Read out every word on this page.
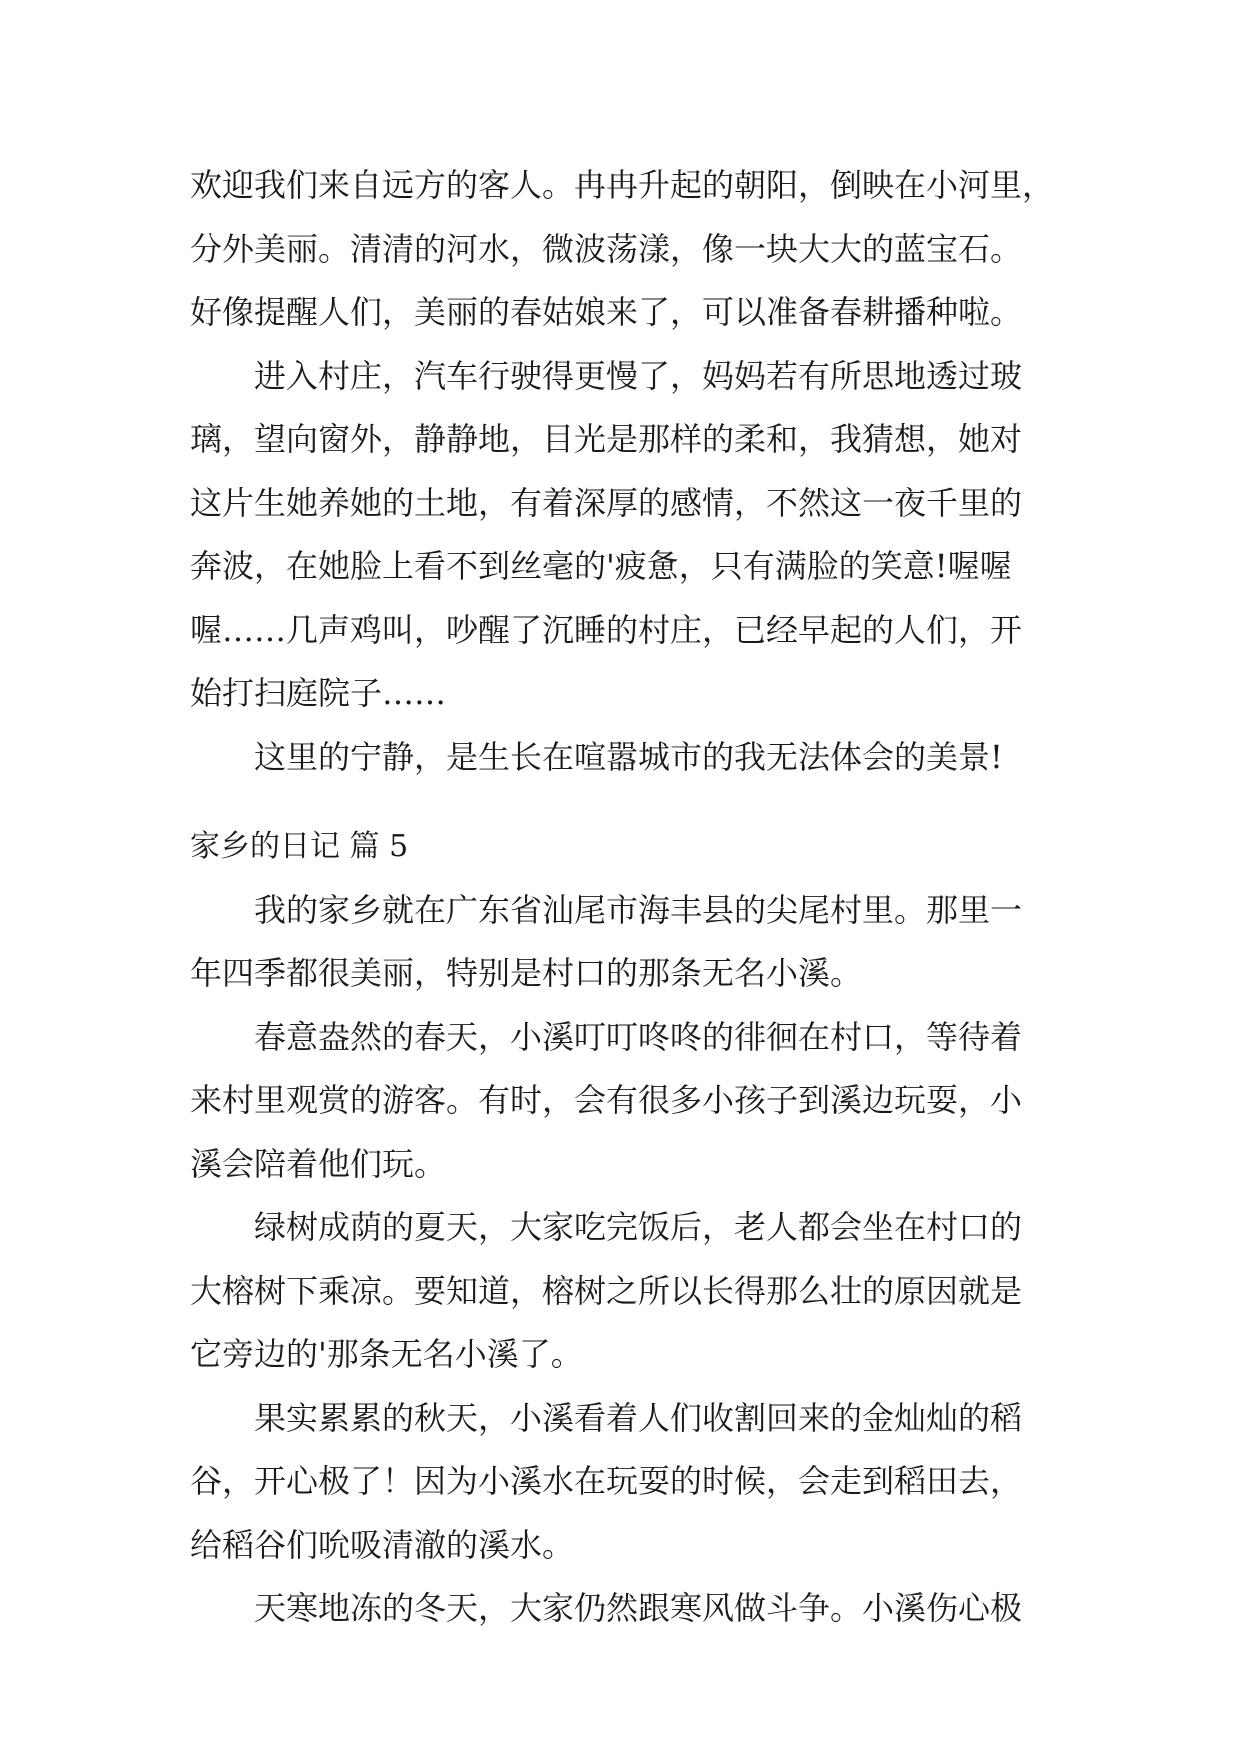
欢迎我们来自远方的客人。冉冉升起的朝阳，倒映在小河里，

分外美丽。清清的河水，微波荡漾，像一块大大的蓝宝石。

好像提醒人们，美丽的春姑娘来了，可以准备春耕播种啦。

进入村庄，汽车行驶得更慢了，妈妈若有所思地透过玻

璃，望向窗外，静静地，目光是那样的柔和，我猜想，她对

这片生她养她的土地，有着深厚的感情，不然这一夜千里的

奔波，在她脸上看不到丝毫的'疲惫，只有满脸的笑意!喔喔

喔……几声鸡叫，吵醒了沉睡的村庄，已经早起的人们，开

始打扫庭院子……

这里的宁静，是生长在喧嚣城市的我无法体会的美景!

家乡的日记 篇 5

我的家乡就在广东省汕尾市海丰县的尖尾村里。那里一

年四季都很美丽，特别是村口的那条无名小溪。

春意盎然的春天，小溪叮叮咚咚的徘徊在村口，等待着

来村里观赏的游客。有时，会有很多小孩子到溪边玩耍，小

溪会陪着他们玩。

绿树成荫的夏天，大家吃完饭后，老人都会坐在村口的

大榕树下乘凉。要知道，榕树之所以长得那么壮的原因就是

它旁边的'那条无名小溪了。

果实累累的秋天，小溪看着人们收割回来的金灿灿的稻

谷，开心极了！因为小溪水在玩耍的时候，会走到稻田去，

给稻谷们吮吸清澈的溪水。

天寒地冻的冬天，大家仍然跟寒风做斗争。小溪伤心极
